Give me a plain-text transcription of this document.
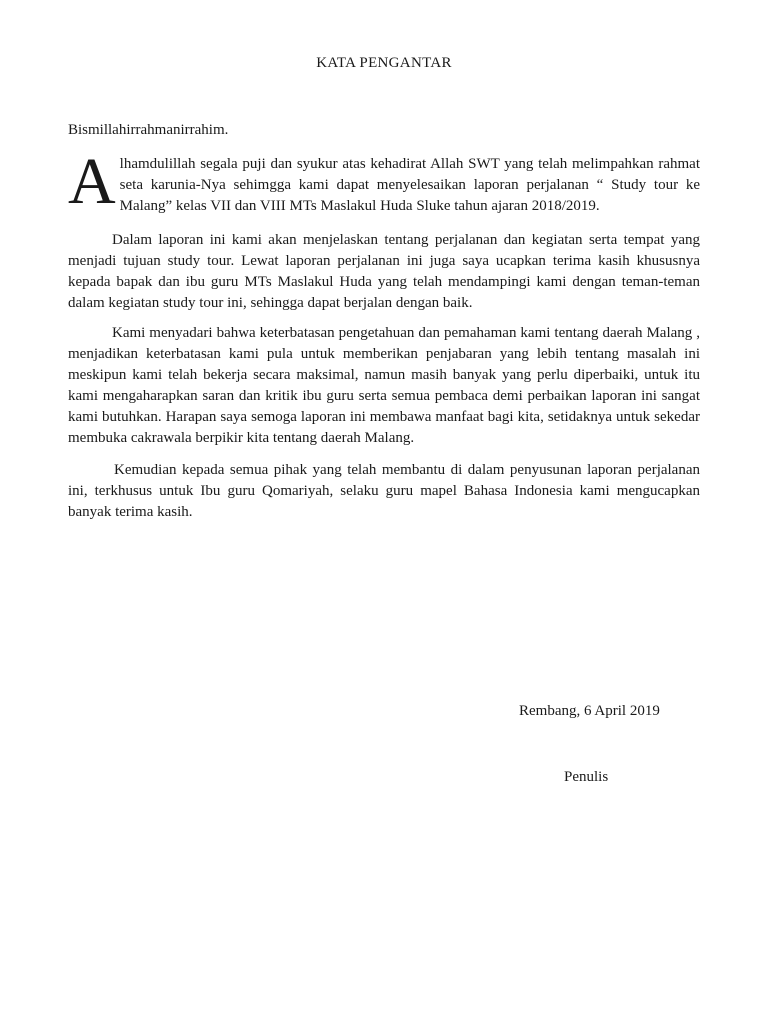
KATA PENGANTAR
Bismillahirrahmanirrahim.
A lhamdulillah segala puji dan syukur atas kehadirat Allah SWT yang telah melimpahkan rahmat seta karunia-Nya sehimgga kami dapat menyelesaikan laporan perjalanan “ Study tour ke Malang” kelas VII dan VIII MTs Maslakul Huda Sluke tahun ajaran 2018/2019.
Dalam laporan ini kami akan menjelaskan tentang perjalanan dan kegiatan serta tempat yang menjadi tujuan study tour. Lewat laporan perjalanan ini juga saya ucapkan terima kasih khususnya kepada bapak dan ibu guru MTs Maslakul Huda yang telah mendampingi kami dengan teman-teman dalam kegiatan study tour ini, sehingga dapat berjalan dengan baik.
Kami menyadari bahwa keterbatasan pengetahuan dan pemahaman kami tentang daerah Malang , menjadikan keterbatasan kami pula untuk memberikan penjabaran yang lebih tentang masalah ini meskipun kami telah bekerja secara maksimal, namun masih banyak yang perlu diperbaiki, untuk itu kami mengaharapkan saran dan kritik ibu guru serta semua pembaca demi perbaikan laporan ini sangat kami butuhkan. Harapan saya semoga laporan ini membawa manfaat bagi kita, setidaknya untuk sekedar membuka cakrawala berpikir kita tentang daerah Malang.
Kemudian kepada semua pihak yang telah membantu di dalam penyusunan laporan perjalanan ini, terkhusus untuk Ibu guru Qomariyah, selaku guru mapel Bahasa Indonesia kami mengucapkan banyak terima kasih.
Rembang, 6 April 2019
Penulis
